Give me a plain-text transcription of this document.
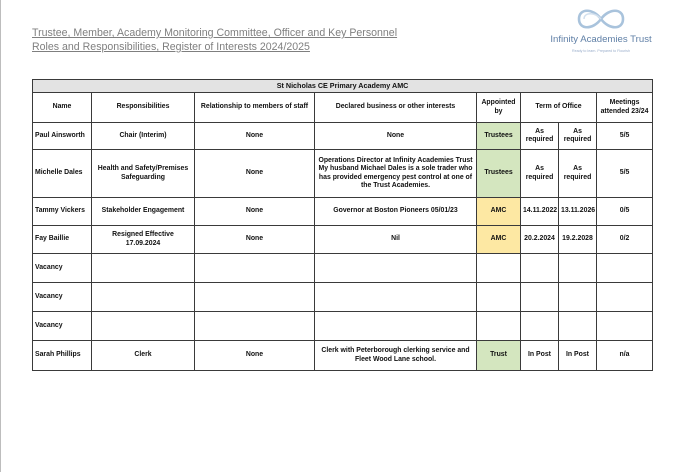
Trustee, Member, Academy Monitoring Committee, Officer and Key Personnel
Roles and Responsibilities, Register of Interests 2024/2025
Infinity Academies Trust
Ready to learn. Prepared to Flourish
St Nicholas CE Primary Academy AMC							
Name	Responsibilities	Relationship to members of staff	Declared business or other interests	Appointed by	Term of Office		Meetings attended 23/24
Paul Ainsworth	Chair (Interim)	None	None	Trustees	As required	As required	5/5
Michelle Dales	Health and Safety/Premises Safeguarding	None	Operations Director at Infinity Academies Trust My husband Michael Dales is a sole trader who has provided emergency pest control at one of the Trust Academies.	Trustees	As required	As required	5/5
Tammy Vickers	Stakeholder Engagement	None	Governor at Boston Pioneers 05/01/23	AMC	14.11.2022	13.11.2026	0/5
Fay Baillie	Resigned Effective 17.09.2024	None	Nil	AMC	20.2.2024	19.2.2028	0/2
Vacancy							
Vacancy							
Vacancy							
Sarah Phillips	Clerk	None	Clerk with Peterborough clerking service and Fleet Wood Lane school.	Trust	In Post	In Post	n/a
